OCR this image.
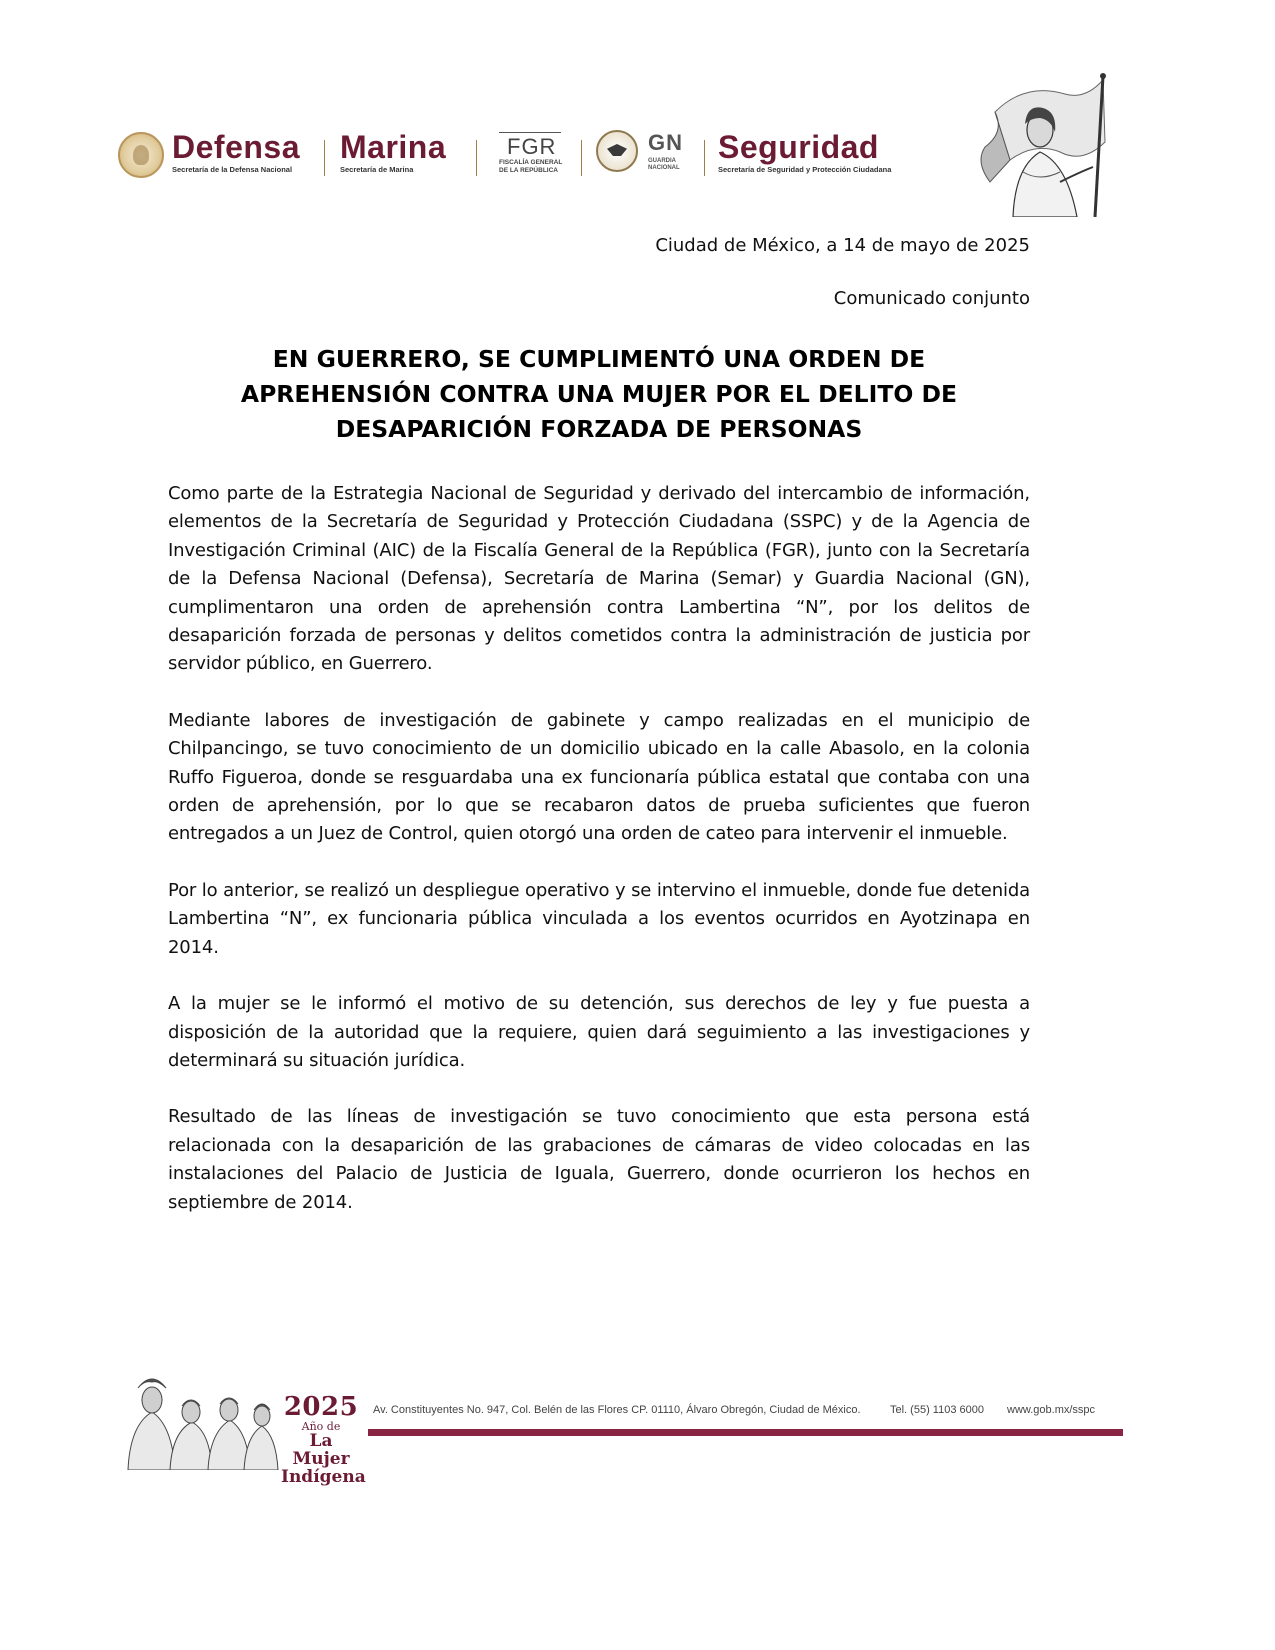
Defensa
Secretaría de la Defensa Nacional
Marina
Secretaría de Marina
FGR
FISCALÍA GENERAL
DE LA REPÚBLICA
GN
GUARDIA
NACIONAL
Seguridad
Secretaría de Seguridad y Protección Ciudadana
Ciudad de México, a 14 de mayo de 2025
Comunicado conjunto
EN GUERRERO, SE CUMPLIMENTÓ UNA ORDEN DE
APREHENSIÓN CONTRA UNA MUJER POR EL DELITO DE
DESAPARICIÓN FORZADA DE PERSONAS

Como parte de la Estrategia Nacional de Seguridad y derivado del intercambio de información, elementos de la Secretaría de Seguridad y Protección Ciudadana (SSPC) y de la Agencia de Investigación Criminal (AIC) de la Fiscalía General de la República (FGR), junto con la Secretaría de la Defensa Nacional (Defensa), Secretaría de Marina (Semar) y Guardia Nacional (GN), cumplimentaron una orden de aprehensión contra Lambertina “N”, por los delitos de desaparición forzada de personas y delitos cometidos contra la administración de justicia por servidor público, en Guerrero.

Mediante labores de investigación de gabinete y campo realizadas en el municipio de Chilpancingo, se tuvo conocimiento de un domicilio ubicado en la calle Abasolo, en la colonia Ruffo Figueroa, donde se resguardaba una ex funcionaría pública estatal que contaba con una orden de aprehensión, por lo que se recabaron datos de prueba suficientes que fueron entregados a un Juez de Control, quien otorgó una orden de cateo para intervenir el inmueble.

Por lo anterior, se realizó un despliegue operativo y se intervino el inmueble, donde fue detenida Lambertina “N”, ex funcionaria pública vinculada a los eventos ocurridos en Ayotzinapa en 2014.

A la mujer se le informó el motivo de su detención, sus derechos de ley y fue puesta a disposición de la autoridad que la requiere, quien dará seguimiento a las investigaciones y determinará su situación jurídica.

Resultado de las líneas de investigación se tuvo conocimiento que esta persona está relacionada con la desaparición de las grabaciones de cámaras de video colocadas en las instalaciones del Palacio de Justicia de Iguala, Guerrero, donde ocurrieron los hechos en septiembre de 2014.

2025
Año de
La Mujer
Indígena
Av. Constituyentes No. 947, Col. Belén de las Flores CP. 01110, Álvaro Obregón, Ciudad de México.	Tel. (55) 1103 6000 www.gob.mx/sspc
